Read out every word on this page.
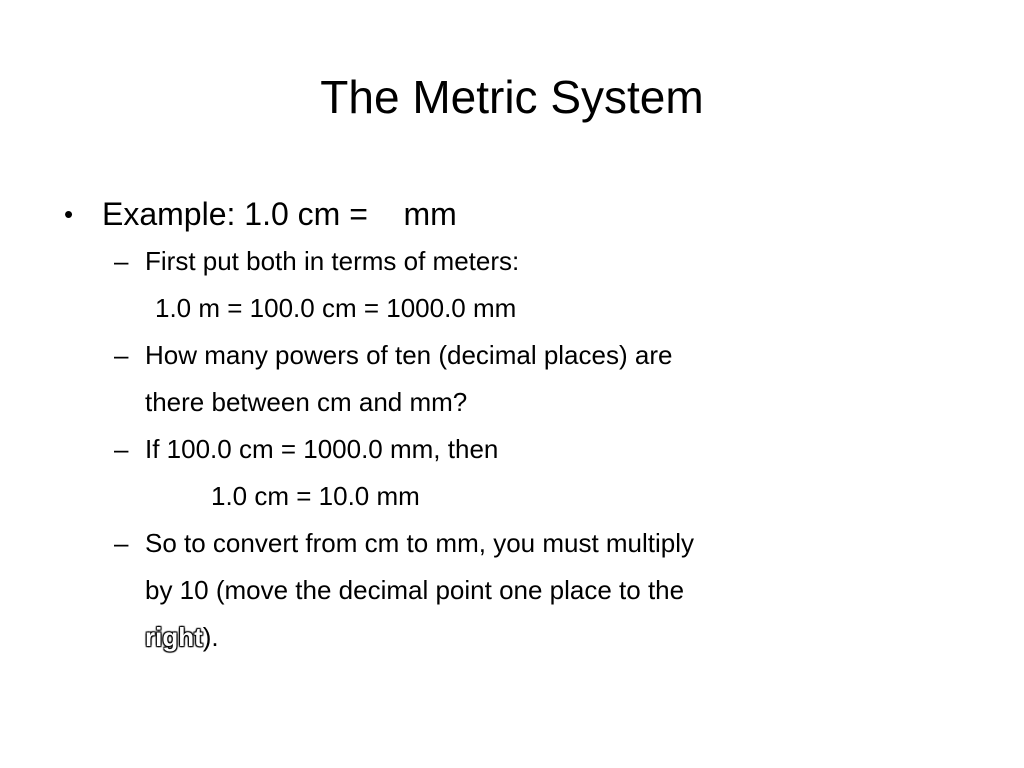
The Metric System
• Example: 1.0 cm =    mm
– First put both in terms of meters:
1.0 m = 100.0 cm = 1000.0 mm
– How many powers of ten (decimal places) are
there between cm and mm?
– If 100.0 cm = 1000.0 mm, then
1.0 cm = 10.0 mm
– So to convert from cm to mm, you must multiply
by 10 (move the decimal point one place to the
right).
